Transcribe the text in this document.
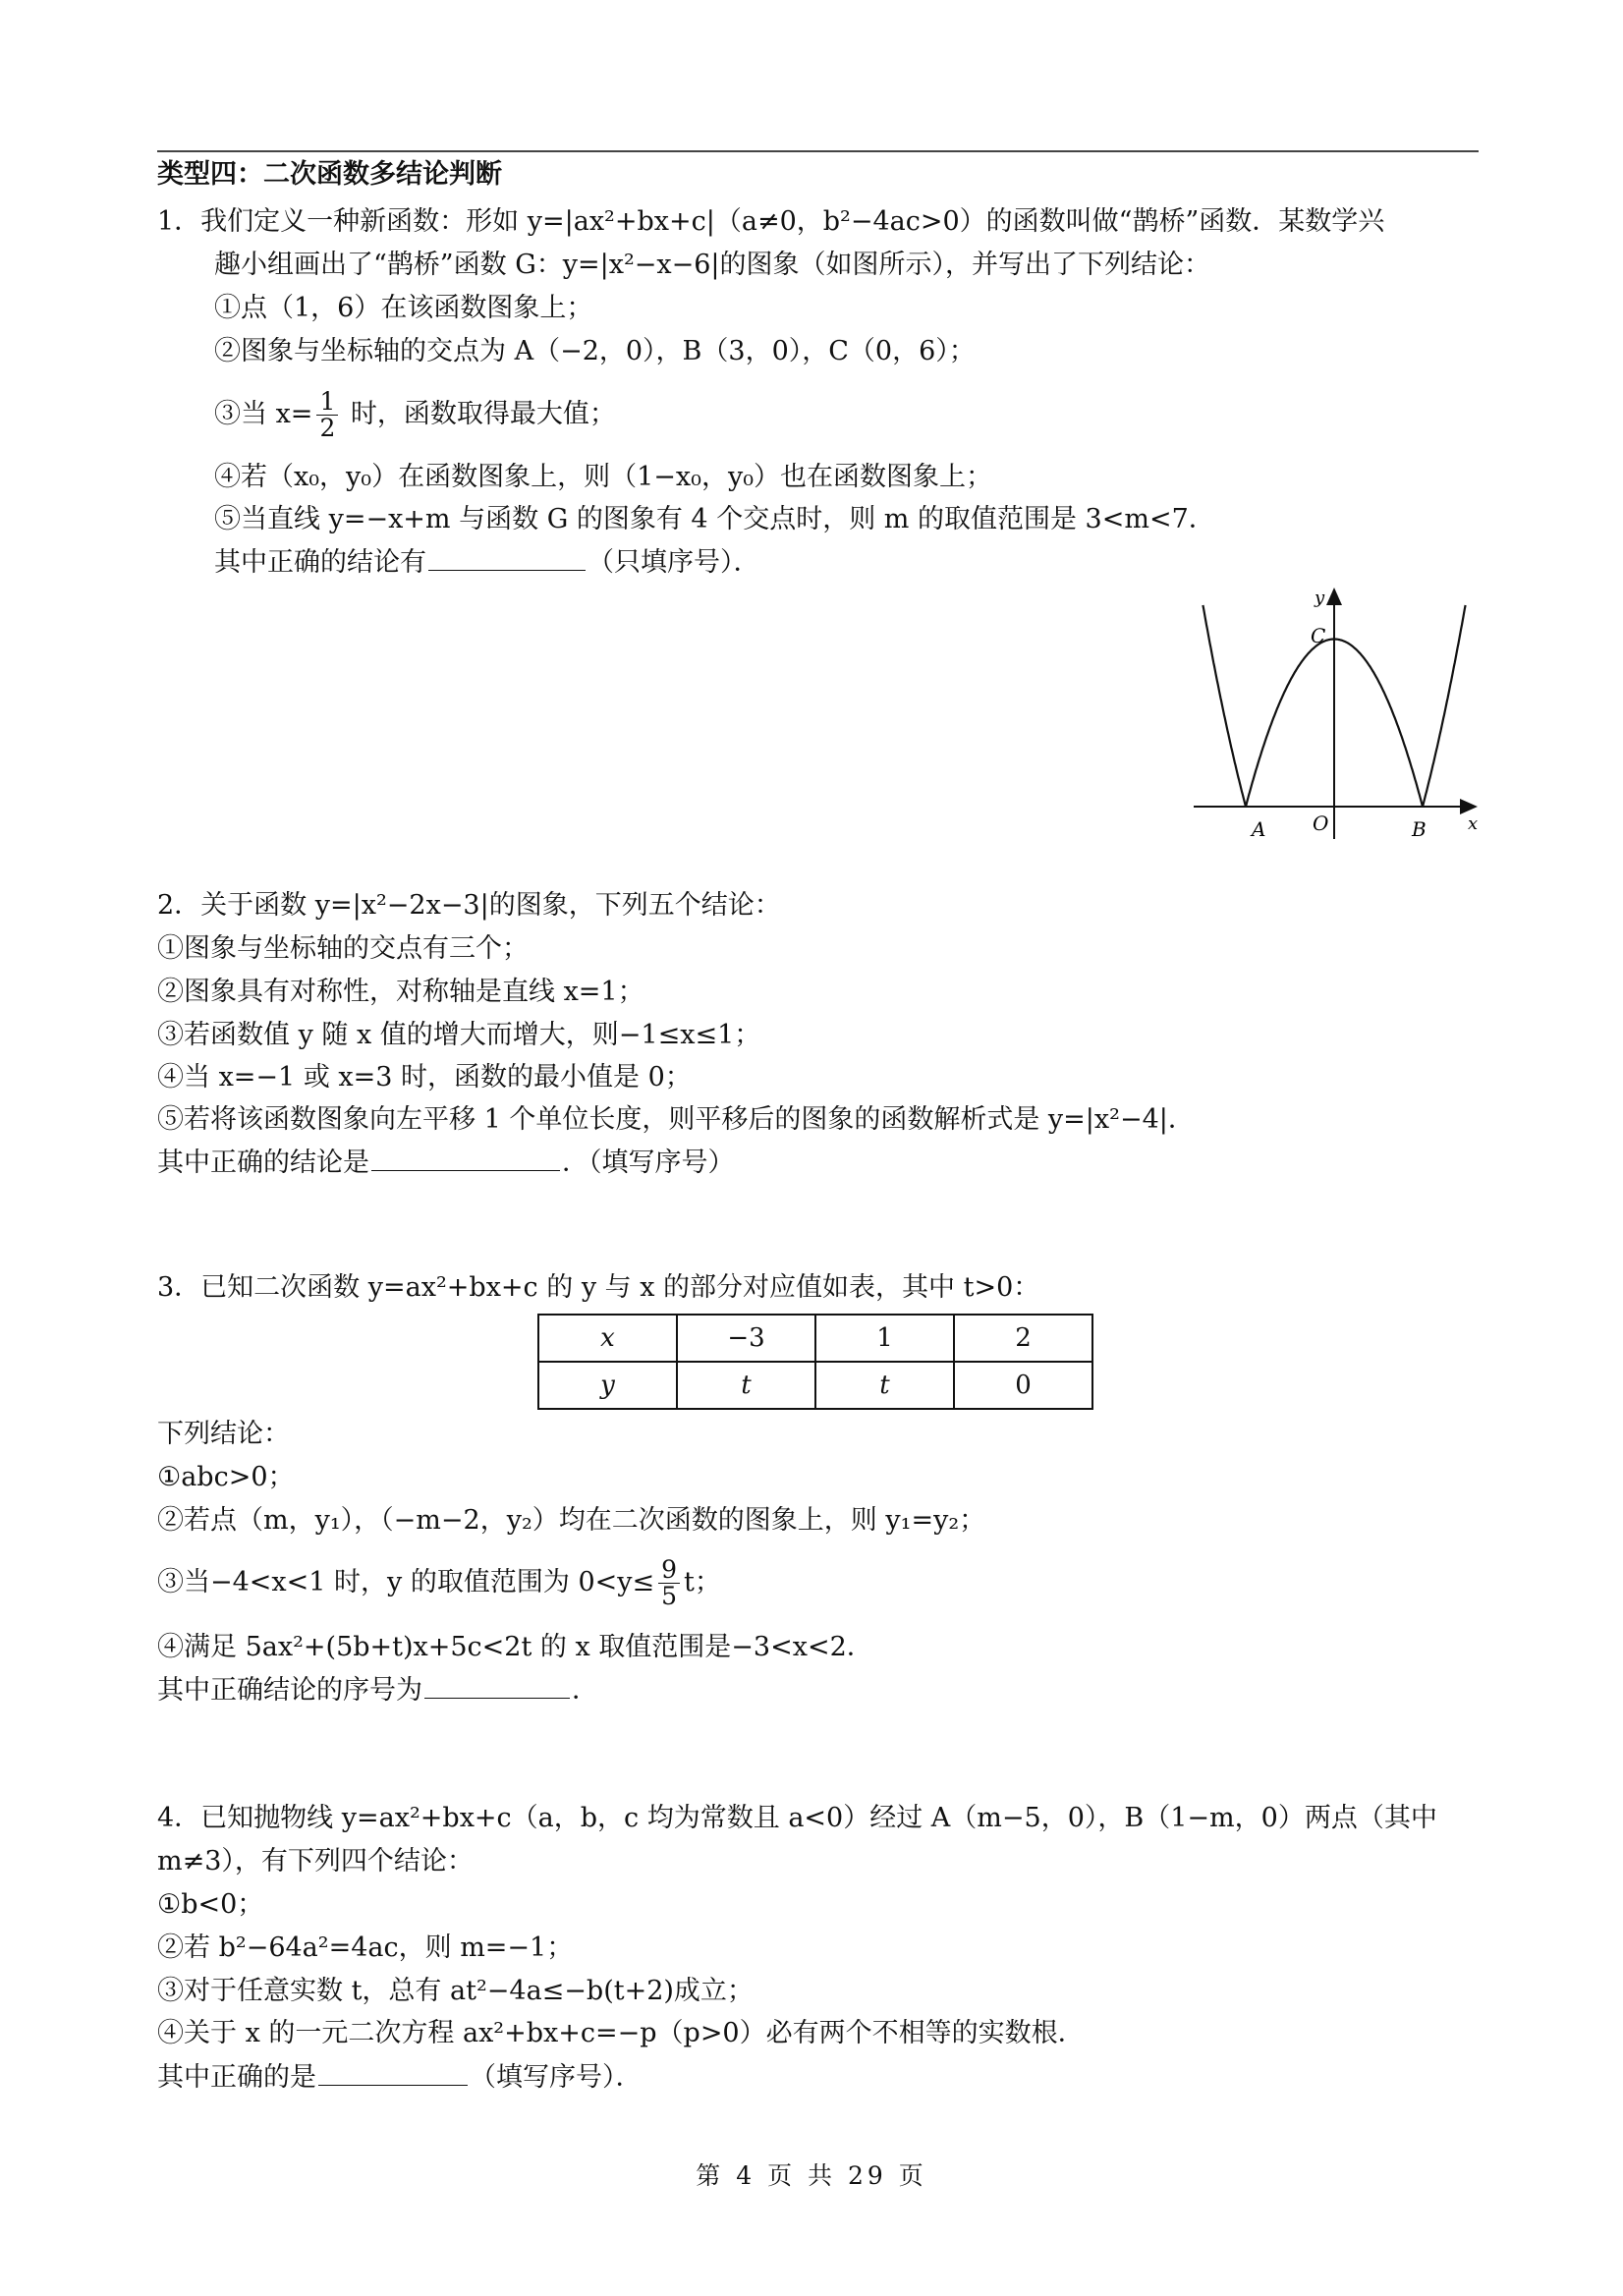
类型四：二次函数多结论判断
1．我们定义一种新函数：形如 y=|ax²+bx+c|（a≠0，b²−4ac>0）的函数叫做“鹊桥”函数．某数学兴
趣小组画出了“鹊桥”函数 G：y=|x²−x−6|的图象（如图所示），并写出了下列结论：
①点（1，6）在该函数图象上；
②图象与坐标轴的交点为 A（−2，0），B（3，0），C（0，6）；
③当 $x= \frac{1}{2}$ 时，函数取得最大值；
④若（x₀，y₀）在函数图象上，则（1−x₀，y₀）也在函数图象上；
⑤当直线 y=−x+m 与函数 G 的图象有 4 个交点时，则 m 的取值范围是 3<m<7．
其中正确的结论有	（只填序号）．
y
x
C
O
A	B
2．关于函数 y=|x²−2x−3|的图象，下列五个结论：
①图象与坐标轴的交点有三个；
②图象具有对称性，对称轴是直线 x=1；
③若函数值 y 随 x 值的增大而增大，则−1≤x≤1；
④当 x=−1 或 x=3 时，函数的最小值是 0；
⑤若将该函数图象向左平移 1 个单位长度，则平移后的图象的函数解析式是 y=|x²−4|．
其中正确的结论是	．（填写序号）
3．已知二次函数 y=ax²+bx+c 的 y 与 x 的部分对应值如表，其中 t>0：
x	−3	1	2
y	t	t	0
下列结论：
①abc>0；
②若点（m，y₁），（−m−2，y₂）均在二次函数的图象上，则 y₁=y₂；
③当−4<x<1 时，y 的取值范围为 $0<y\le \frac{9}{5}$ t；
④满足 5ax²+(5b+t)x+5c<2t 的 x 取值范围是−3<x<2．
其中正确结论的序号为	．
4．已知抛物线 y=ax²+bx+c（a，b，c 均为常数且 a<0）经过 A（m−5，0），B（1−m，0）两点（其中
m≠3），有下列四个结论：
①b<0；
②若 b²−64a²=4ac，则 m=−1；
③对于任意实数 t，总有 at²−4a≤−b(t+2)成立；
④关于 x 的一元二次方程 ax²+bx+c=−p（p>0）必有两个不相等的实数根．
其中正确的是	（填写序号）．
第 4 页 共 29 页
